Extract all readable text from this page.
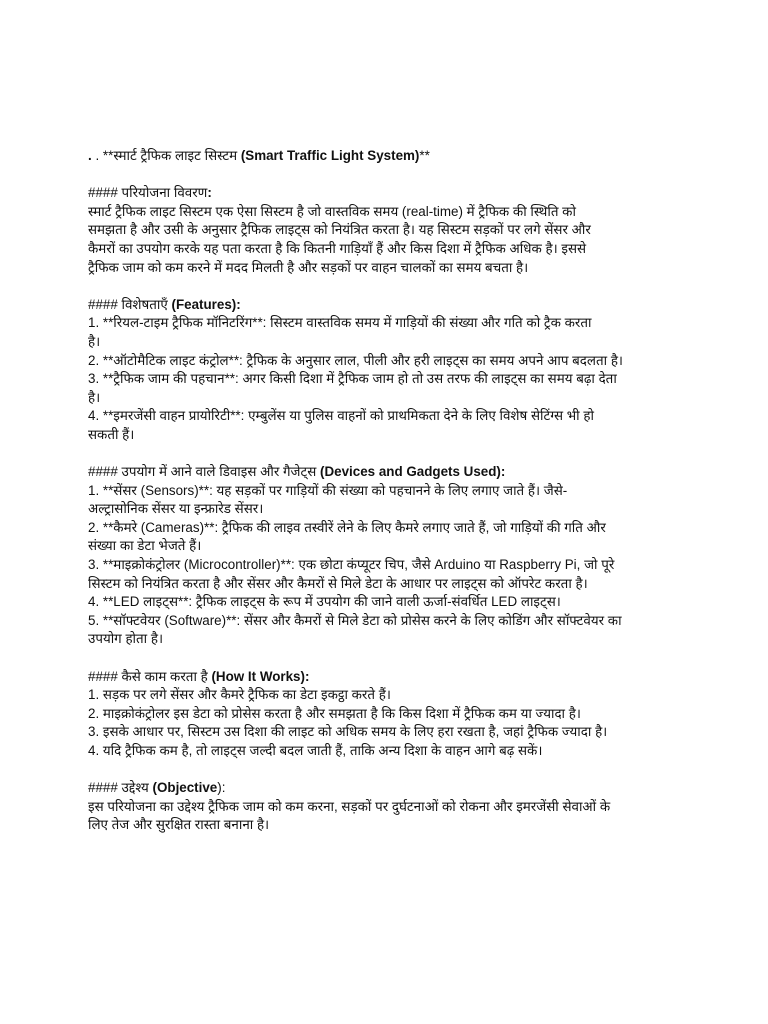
. . **स्मार्ट ट्रैफिक लाइट सिस्टम (Smart Traffic Light System)**
#### परियोजना विवरण:
स्मार्ट ट्रैफिक लाइट सिस्टम एक ऐसा सिस्टम है जो वास्तविक समय (real-time) में ट्रैफिक की स्थिति को
समझता है और उसी के अनुसार ट्रैफिक लाइट्स को नियंत्रित करता है। यह सिस्टम सड़कों पर लगे सेंसर और
कैमरों का उपयोग करके यह पता करता है कि कितनी गाड़ियाँ हैं और किस दिशा में ट्रैफिक अधिक है। इससे
ट्रैफिक जाम को कम करने में मदद मिलती है और सड़कों पर वाहन चालकों का समय बचता है।
#### विशेषताएँ (Features):
1. **रियल-टाइम ट्रैफिक मॉनिटरिंग**: सिस्टम वास्तविक समय में गाड़ियों की संख्या और गति को ट्रैक करता
है।
2. **ऑटोमैटिक लाइट कंट्रोल**: ट्रैफिक के अनुसार लाल, पीली और हरी लाइट्स का समय अपने आप बदलता है।
3. **ट्रैफिक जाम की पहचान**: अगर किसी दिशा में ट्रैफिक जाम हो तो उस तरफ की लाइट्स का समय बढ़ा देता
है।
4. **इमरजेंसी वाहन प्रायोरिटी**: एम्बुलेंस या पुलिस वाहनों को प्राथमिकता देने के लिए विशेष सेटिंग्स भी हो
सकती हैं।
#### उपयोग में आने वाले डिवाइस और गैजेट्स (Devices and Gadgets Used):
1. **सेंसर (Sensors)**: यह सड़कों पर गाड़ियों की संख्या को पहचानने के लिए लगाए जाते हैं। जैसे-
अल्ट्रासोनिक सेंसर या इन्फ्रारेड सेंसर।
2. **कैमरे (Cameras)**: ट्रैफिक की लाइव तस्वीरें लेने के लिए कैमरे लगाए जाते हैं, जो गाड़ियों की गति और
संख्या का डेटा भेजते हैं।
3. **माइक्रोकंट्रोलर (Microcontroller)**: एक छोटा कंप्यूटर चिप, जैसे Arduino या Raspberry Pi, जो पूरे
सिस्टम को नियंत्रित करता है और सेंसर और कैमरों से मिले डेटा के आधार पर लाइट्स को ऑपरेट करता है।
4. **LED लाइट्स**: ट्रैफिक लाइट्स के रूप में उपयोग की जाने वाली ऊर्जा-संवर्धित LED लाइट्स।
5. **सॉफ्टवेयर (Software)**: सेंसर और कैमरों से मिले डेटा को प्रोसेस करने के लिए कोडिंग और सॉफ्टवेयर का
उपयोग होता है।
#### कैसे काम करता है (How It Works):
1. सड़क पर लगे सेंसर और कैमरे ट्रैफिक का डेटा इकट्ठा करते हैं।
2. माइक्रोकंट्रोलर इस डेटा को प्रोसेस करता है और समझता है कि किस दिशा में ट्रैफिक कम या ज्यादा है।
3. इसके आधार पर, सिस्टम उस दिशा की लाइट को अधिक समय के लिए हरा रखता है, जहां ट्रैफिक ज्यादा है।
4. यदि ट्रैफिक कम है, तो लाइट्स जल्दी बदल जाती हैं, ताकि अन्य दिशा के वाहन आगे बढ़ सकें।
#### उद्देश्य (Objective):
इस परियोजना का उद्देश्य ट्रैफिक जाम को कम करना, सड़कों पर दुर्घटनाओं को रोकना और इमरजेंसी सेवाओं के
लिए तेज और सुरक्षित रास्ता बनाना है।
